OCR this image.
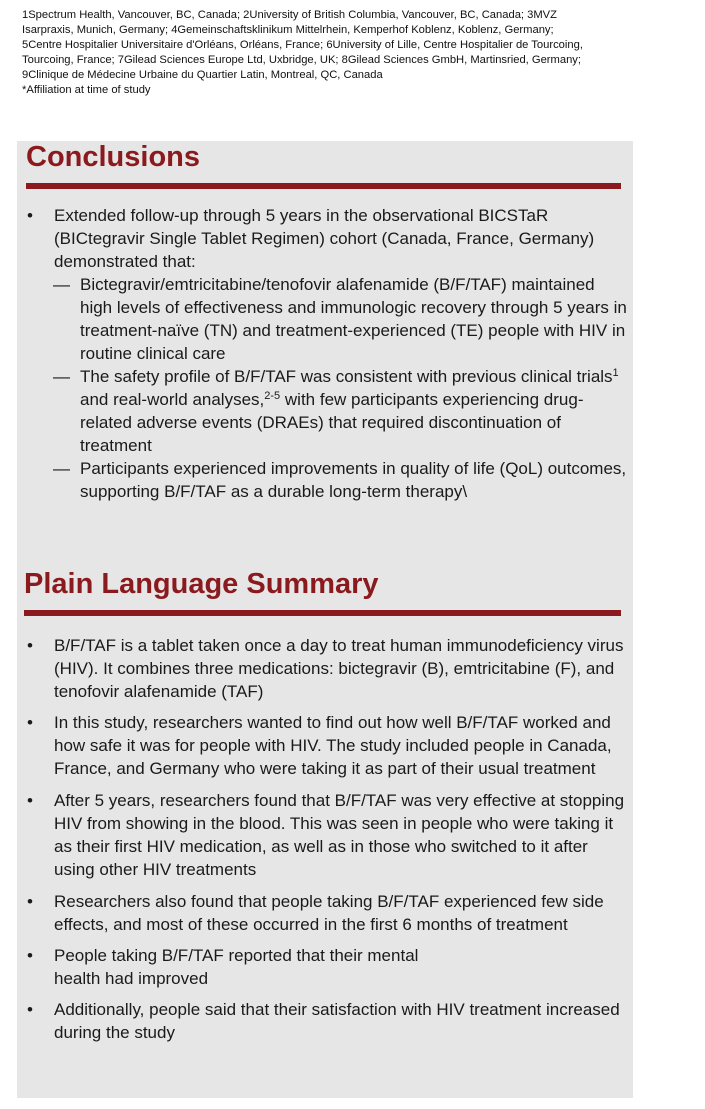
1Spectrum Health, Vancouver, BC, Canada; 2University of British Columbia, Vancouver, BC, Canada; 3MVZ

Isarpraxis, Munich, Germany; 4Gemeinschaftsklinikum Mittelrhein, Kemperhof Koblenz, Koblenz, Germany;

5Centre Hospitalier Universitaire d'Orléans, Orléans, France; 6University of Lille, Centre Hospitalier de Tourcoing,

Tourcoing, France; 7Gilead Sciences Europe Ltd, Uxbridge, UK; 8Gilead Sciences GmbH, Martinsried, Germany;

9Clinique de Médecine Urbaine du Quartier Latin, Montreal, QC, Canada

*Affiliation at time of study

Conclusions
• Extended follow-up through 5 years in the observational BICSTaR (BICtegravir Single Tablet Regimen) cohort (Canada, France, Germany) demonstrated that:
— Bictegravir/emtricitabine/tenofovir alafenamide (B/F/TAF) maintained high levels of effectiveness and immunologic recovery through 5 years in treatment-naïve (TN) and treatment-experienced (TE) people with HIV in routine clinical care
— The safety profile of B/F/TAF was consistent with previous clinical trials$^1$ and real-world analyses,$^{2-5}$ with few participants experiencing drug-related adverse events (DRAEs) that required discontinuation of treatment
— Participants experienced improvements in quality of life (QoL) outcomes, supporting B/F/TAF as a durable long-term therapy\
Plain Language Summary
• B/F/TAF is a tablet taken once a day to treat human immunodeficiency virus (HIV). It combines three medications: bictegravir (B), emtricitabine (F), and tenofovir alafenamide (TAF)
• In this study, researchers wanted to find out how well B/F/TAF worked and how safe it was for people with HIV. The study included people in Canada, France, and Germany who were taking it as part of their usual treatment
• After 5 years, researchers found that B/F/TAF was very effective at stopping HIV from showing in the blood. This was seen in people who were taking it as their first HIV medication, as well as in those who switched to it after using other HIV treatments
• Researchers also found that people taking B/F/TAF experienced few side effects, and most of these occurred in the first 6 months of treatment
• People taking B/F/TAF reported that their mental health had improved
• Additionally, people said that their satisfaction with HIV treatment increased during the study
